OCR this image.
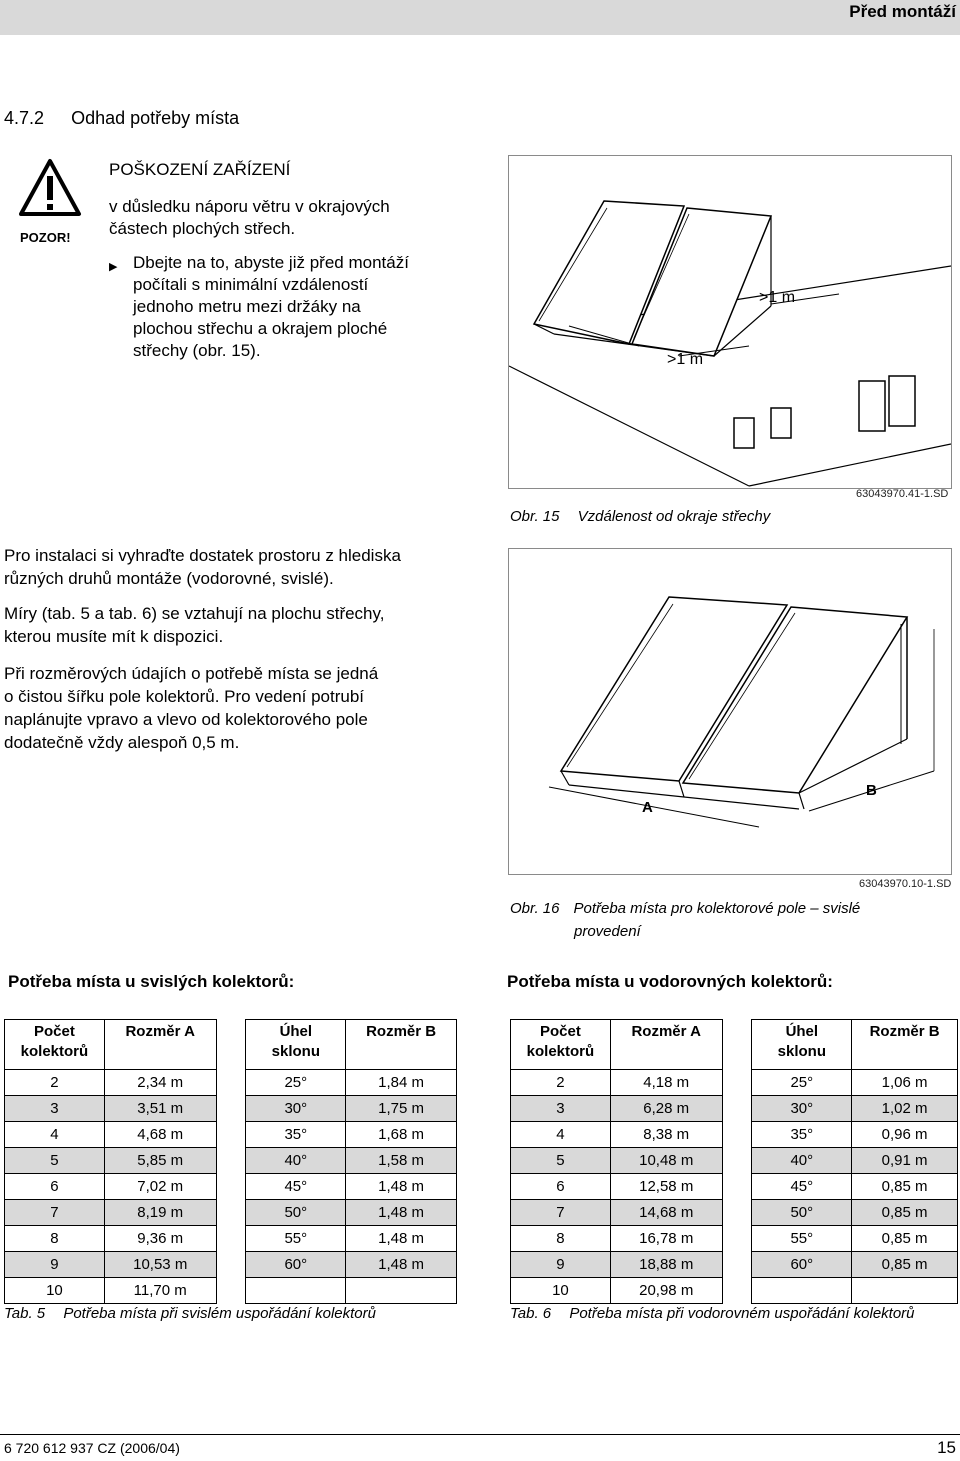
Před montáží
4.7.2 Odhad potřeby místa
POZOR!
POŠKOZENÍ ZAŘÍZENÍ
v důsledku náporu větru v okrajových
částech plochých střech.
▶ Dbejte na to, abyste již před montáží
počítali s minimální vzdáleností
jednoho metru mezi držáky na
plochou střechu a okrajem ploché
střechy (obr. 15).
>1 m
>1 m
63043970.41-1.SD
Obr. 15 Vzdálenost od okraje střechy
Pro instalaci si vyhraďte dostatek prostoru z hlediska
různých druhů montáže (vodorovné, svislé).
Míry (tab. 5 a tab. 6) se vztahují na plochu střechy,
kterou musíte mít k dispozici.
Při rozměrových údajích o potřebě místa se jedná
o čistou šířku pole kolektorů. Pro vedení potrubí
naplánujte vpravo a vlevo od kolektorového pole
dodatečně vždy alespoň 0,5 m.
A
B
63043970.10-1.SD
Obr. 16 Potřeba místa pro kolektorové pole – svislé
provedení
Potřeba místa u svislých kolektorů:
Počet
kolektorů	Rozměr A		Úhel
sklonu	Rozměr B
2	2,34 m		25°	1,84 m
3	3,51 m		30°	1,75 m
4	4,68 m		35°	1,68 m
5	5,85 m		40°	1,58 m
6	7,02 m		45°	1,48 m
7	8,19 m		50°	1,48 m
8	9,36 m		55°	1,48 m
9	10,53 m		60°	1,48 m
10	11,70 m			
Tab. 5 Potřeba místa při svislém uspořádání kolektorů
Potřeba místa u vodorovných kolektorů:
Počet
kolektorů	Rozměr A		Úhel
sklonu	Rozměr B
2	4,18 m		25°	1,06 m
3	6,28 m		30°	1,02 m
4	8,38 m		35°	0,96 m
5	10,48 m		40°	0,91 m
6	12,58 m		45°	0,85 m
7	14,68 m		50°	0,85 m
8	16,78 m		55°	0,85 m
9	18,88 m		60°	0,85 m
10	20,98 m			
Tab. 6 Potřeba místa při vodorovném uspořádání kolektorů
6 720 612 937 CZ (2006/04)	15
